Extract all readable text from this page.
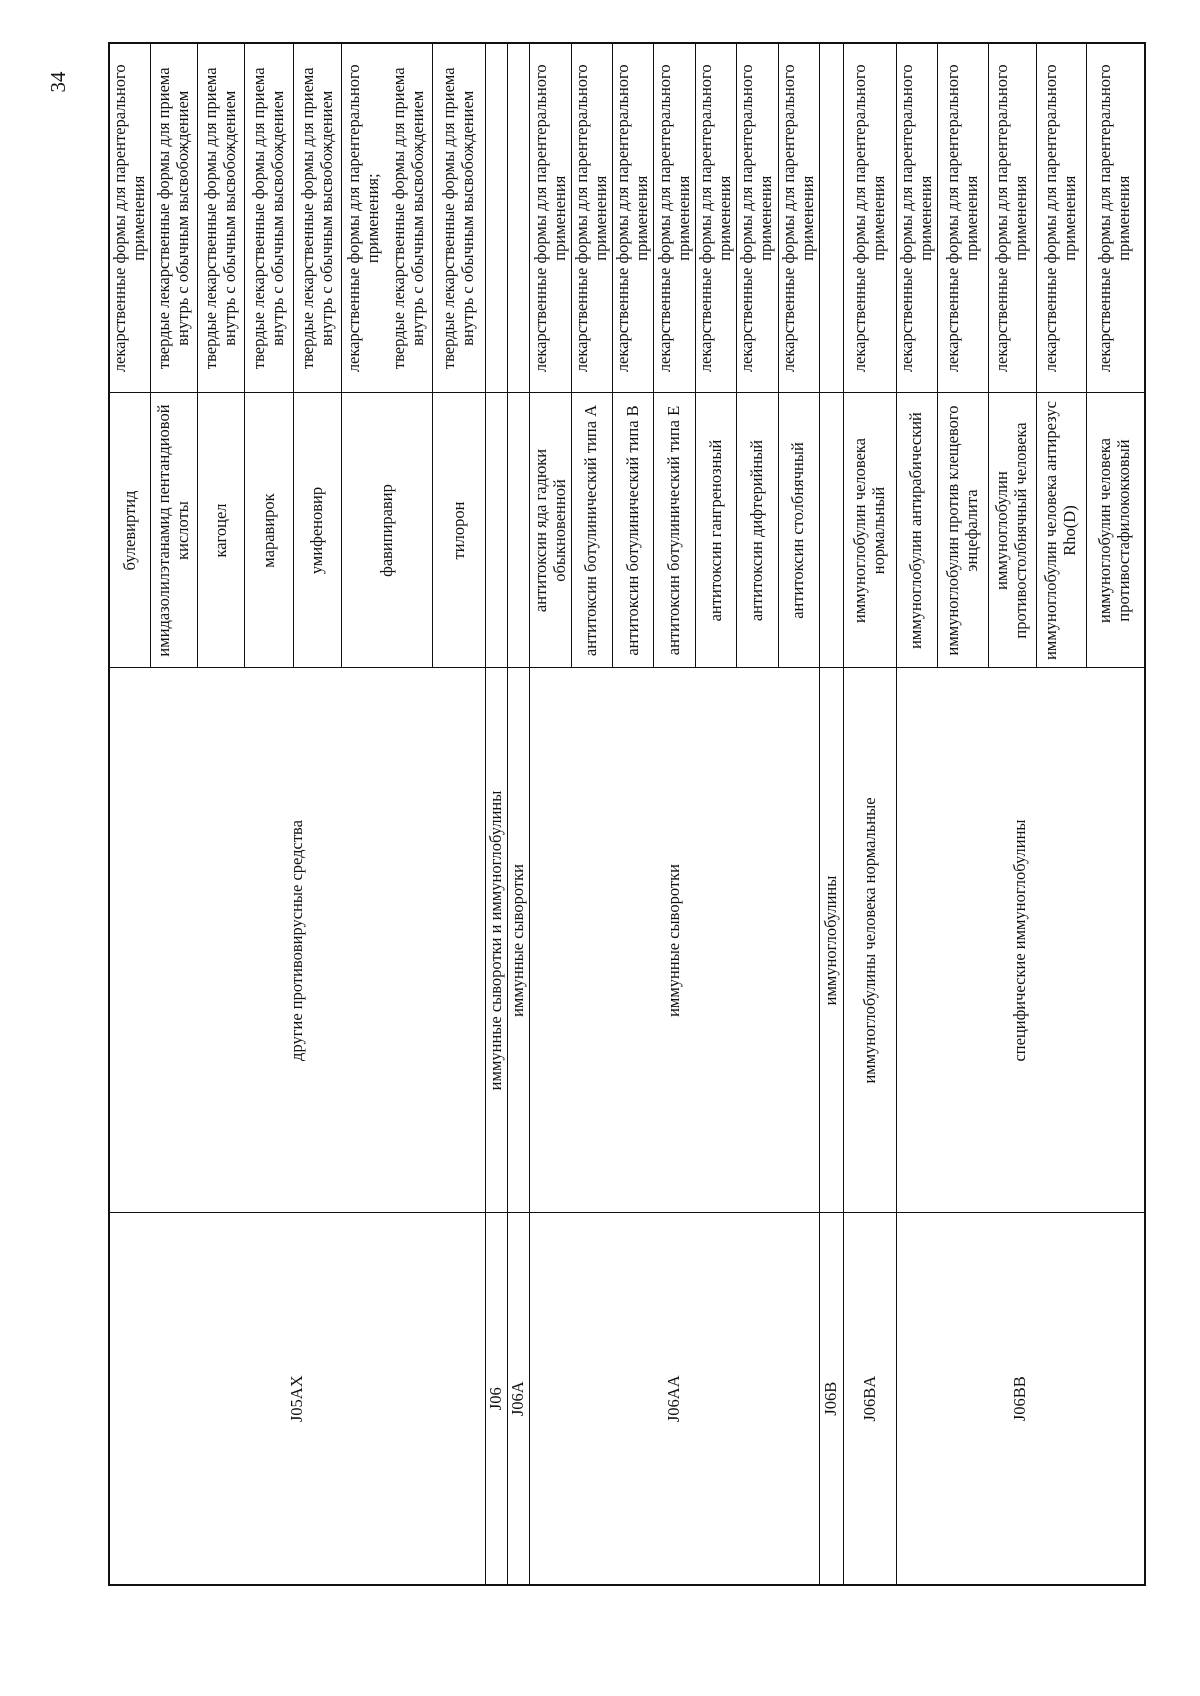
34
J05AX	другие противовирусные средства	булевиртид	лекарственные формы для парентерального применения
		имидазолилэтанамид пентандиовой кислоты	твердые лекарственные формы для приема внутрь с обычным высвобождением
		кагоцел	твердые лекарственные формы для приема внутрь с обычным высвобождением
		маравирок	твердые лекарственные формы для приема внутрь с обычным высвобождением
		умифеновир	твердые лекарственные формы для приема внутрь с обычным высвобождением
		фавипиравир	лекарственные формы для парентерального применения;
			твердые лекарственные формы для приема внутрь с обычным высвобождением
		тилорон	твердые лекарственные формы для приема внутрь с обычным высвобождением
J06	иммунные сыворотки и иммуноглобулины		
J06A	иммунные сыворотки		
J06AA	иммунные сыворотки	антитоксин яда гадюки обыкновенной	лекарственные формы для парентерального применения
		антитоксин ботулинический типа A	лекарственные формы для парентерального применения
		антитоксин ботулинический типа B	лекарственные формы для парентерального применения
		антитоксин ботулинический типа E	лекарственные формы для парентерального применения
		антитоксин гангренозный	лекарственные формы для парентерального применения
		антитоксин дифтерийный	лекарственные формы для парентерального применения
		антитоксин столбнячный	лекарственные формы для парентерального применения
J06B	иммуноглобулины		
J06BA	иммуноглобулины человека нормальные	иммуноглобулин человека нормальный	лекарственные формы для парентерального применения
J06BB	специфические иммуноглобулины	иммуноглобулин антирабический	лекарственные формы для парентерального применения
		иммуноглобулин против клещевого энцефалита	лекарственные формы для парентерального применения
		иммуноглобулин противостолбнячный человека	лекарственные формы для парентерального применения
		иммуноглобулин человека антирезус Rho(D)	лекарственные формы для парентерального применения
		иммуноглобулин человека противостафилококковый	лекарственные формы для парентерального применения
